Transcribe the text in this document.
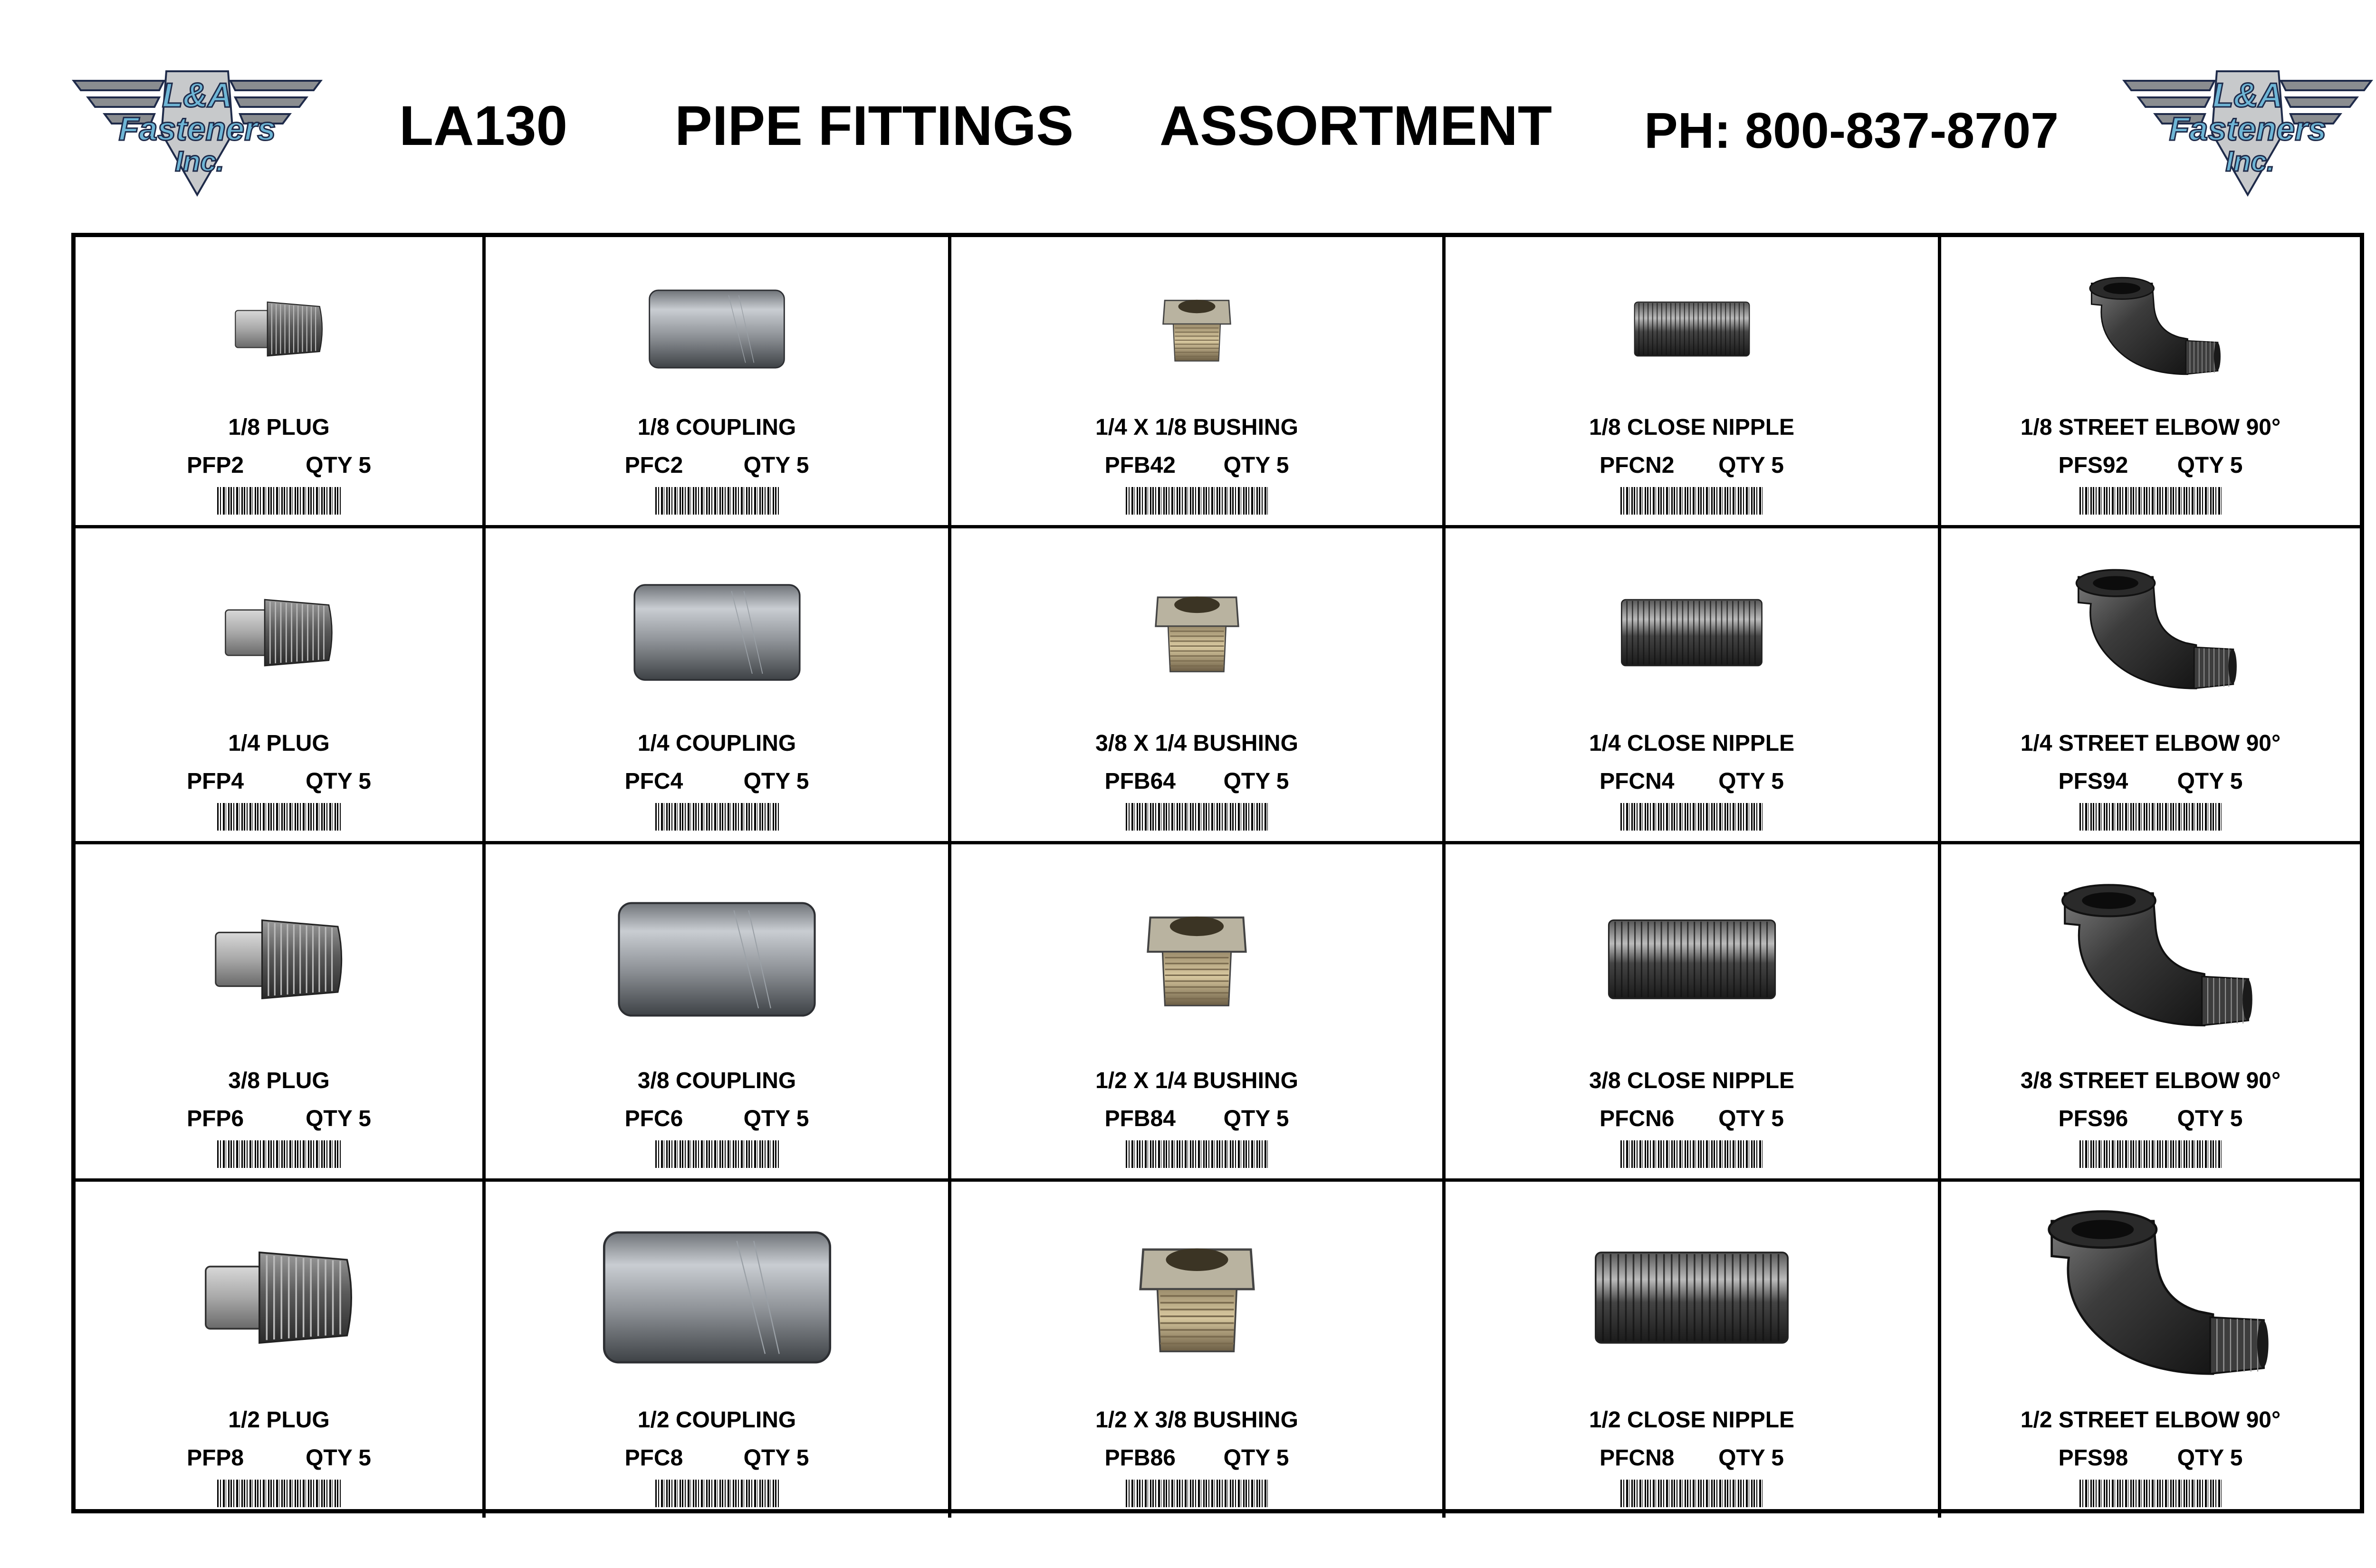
L&A
Fasteners
Inc.
LA130 PIPE FITTINGS ASSORTMENT PH: 800-837-8707
L&A
Fasteners
Inc.
1/8 PLUG
PFP2	QTY 5
1/8 COUPLING
PFC2	QTY 5
1/4 X 1/8 BUSHING
PFB42 QTY 5
1/8 CLOSE NIPPLE
PFCN2 QTY 5
1/8 STREET ELBOW 90°
PFS92 QTY 5
1/4 PLUG
PFP4	QTY 5
1/4 COUPLING
PFC4	QTY 5
3/8 X 1/4 BUSHING
PFB64 QTY 5
1/4 CLOSE NIPPLE
PFCN4 QTY 5
1/4 STREET ELBOW 90°
PFS94 QTY 5
3/8 PLUG
PFP6	QTY 5
3/8 COUPLING
PFC6	QTY 5
1/2 X 1/4 BUSHING
PFB84 QTY 5
3/8 CLOSE NIPPLE
PFCN6 QTY 5
3/8 STREET ELBOW 90°
PFS96 QTY 5
1/2 PLUG
PFP8	QTY 5
1/2 COUPLING
PFC8	QTY 5
1/2 X 3/8 BUSHING
PFB86 QTY 5
1/2 CLOSE NIPPLE
PFCN8 QTY 5
1/2 STREET ELBOW 90°
PFS98 QTY 5
